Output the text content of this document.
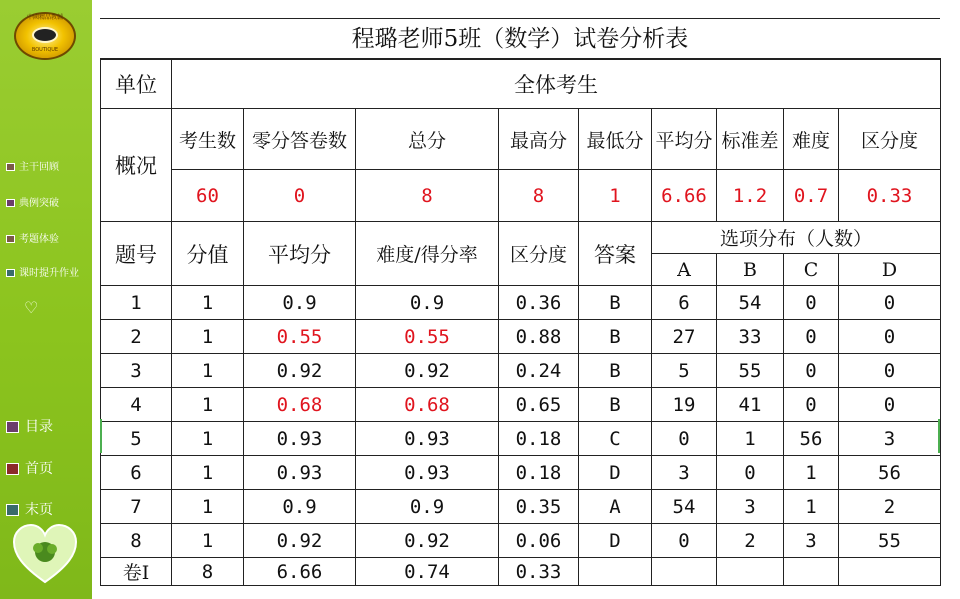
中國精品教輔
BOUTIQUE
主干回顾
典例突破
考题体验
课时提升作业
♡
目录
首页
末页
程璐老师5班（数学）试卷分析表
单位	全体考生								
概况	考生数	零分答卷数	总分	最高分	最低分	平均分	标准差	难度	区分度
	60	0	8	8	1	6.66	1.2	0.7	0.33
题号	分值	平均分	难度/得分率	区分度	答案	选项分布（人数）			
						A	B	C	D
1	1	0.9	0.9	0.36	B	6	54	0	0
2	1	0.55	0.55	0.88	B	27	33	0	0
3	1	0.92	0.92	0.24	B	5	55	0	0
4	1	0.68	0.68	0.65	B	19	41	0	0
5	1	0.93	0.93	0.18	C	0	1	56	3
6	1	0.93	0.93	0.18	D	3	0	1	56
7	1	0.9	0.9	0.35	A	54	3	1	2
8	1	0.92	0.92	0.06	D	0	2	3	55
卷I	8	6.66	0.74	0.33					
